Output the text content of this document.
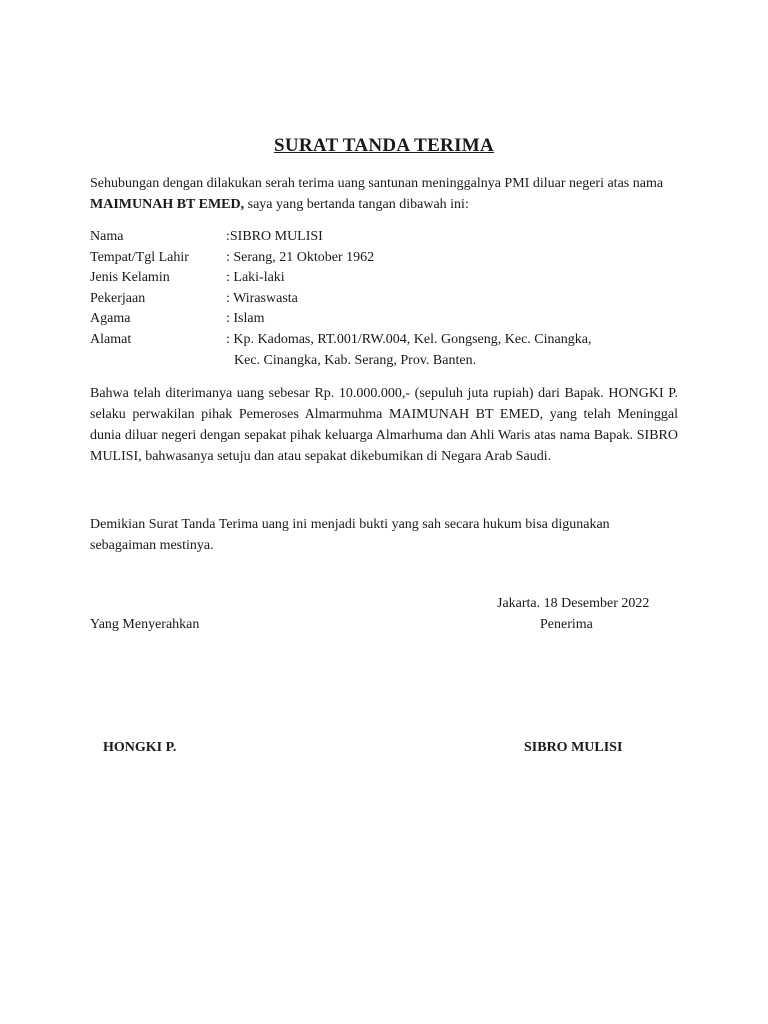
SURAT TANDA TERIMA
Sehubungan dengan dilakukan serah terima uang santunan meninggalnya PMI diluar negeri atas nama MAIMUNAH BT EMED, saya yang bertanda tangan dibawah ini:
Nama	:SIBRO MULISI
Tempat/Tgl Lahir	: Serang, 21 Oktober 1962
Jenis Kelamin	: Laki-laki
Pekerjaan	: Wiraswasta
Agama	: Islam
Alamat	: Kp. Kadomas, RT.001/RW.004, Kel. Gongseng, Kec. Cinangka,
Kec. Cinangka, Kab. Serang, Prov. Banten.
Bahwa telah diterimanya uang sebesar Rp. 10.000.000,- (sepuluh juta rupiah) dari Bapak. HONGKI P. selaku perwakilan pihak Pemeroses Almarmuhma MAIMUNAH BT EMED, yang telah Meninggal dunia diluar negeri dengan sepakat pihak keluarga Almarhuma dan Ahli Waris atas nama Bapak. SIBRO MULISI, bahwasanya setuju dan atau sepakat dikebumikan di Negara Arab Saudi.
Demikian Surat Tanda Terima uang ini menjadi bukti yang sah secara hukum bisa digunakan sebagaiman mestinya.
Jakarta. 18 Desember 2022
Yang Menyerahkan	Penerima
HONGKI P.	SIBRO MULISI
